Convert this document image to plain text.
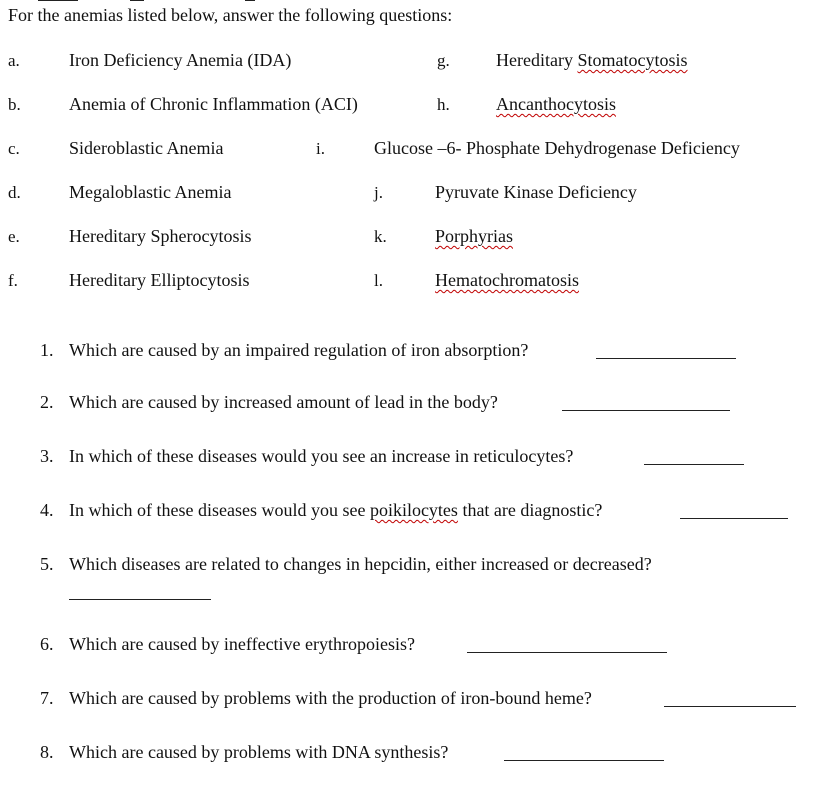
For the anemias listed below, answer the following questions:
a.	Iron Deficiency Anemia (IDA)
b.	Anemia of Chronic Inflammation (ACI)
c.	Sideroblastic Anemia
d.	Megaloblastic Anemia
e.	Hereditary Spherocytosis
f.	Hereditary Elliptocytosis
g.	Hereditary Stomatocytosis
h.	Ancanthocytosis
i.	Glucose –6- Phosphate Dehydrogenase Deficiency
j.	Pyruvate Kinase Deficiency
k.	Porphyrias
l.	Hematochromatosis
1. Which are caused by an impaired regulation of iron absorption?
2. Which are caused by increased amount of lead in the body?
3. In which of these diseases would you see an increase in reticulocytes?
4. In which of these diseases would you see poikilocytes that are diagnostic?
5. Which diseases are related to changes in hepcidin, either increased or decreased?
6. Which are caused by ineffective erythropoiesis?
7. Which are caused by problems with the production of iron-bound heme?
8. Which are caused by problems with DNA synthesis?
